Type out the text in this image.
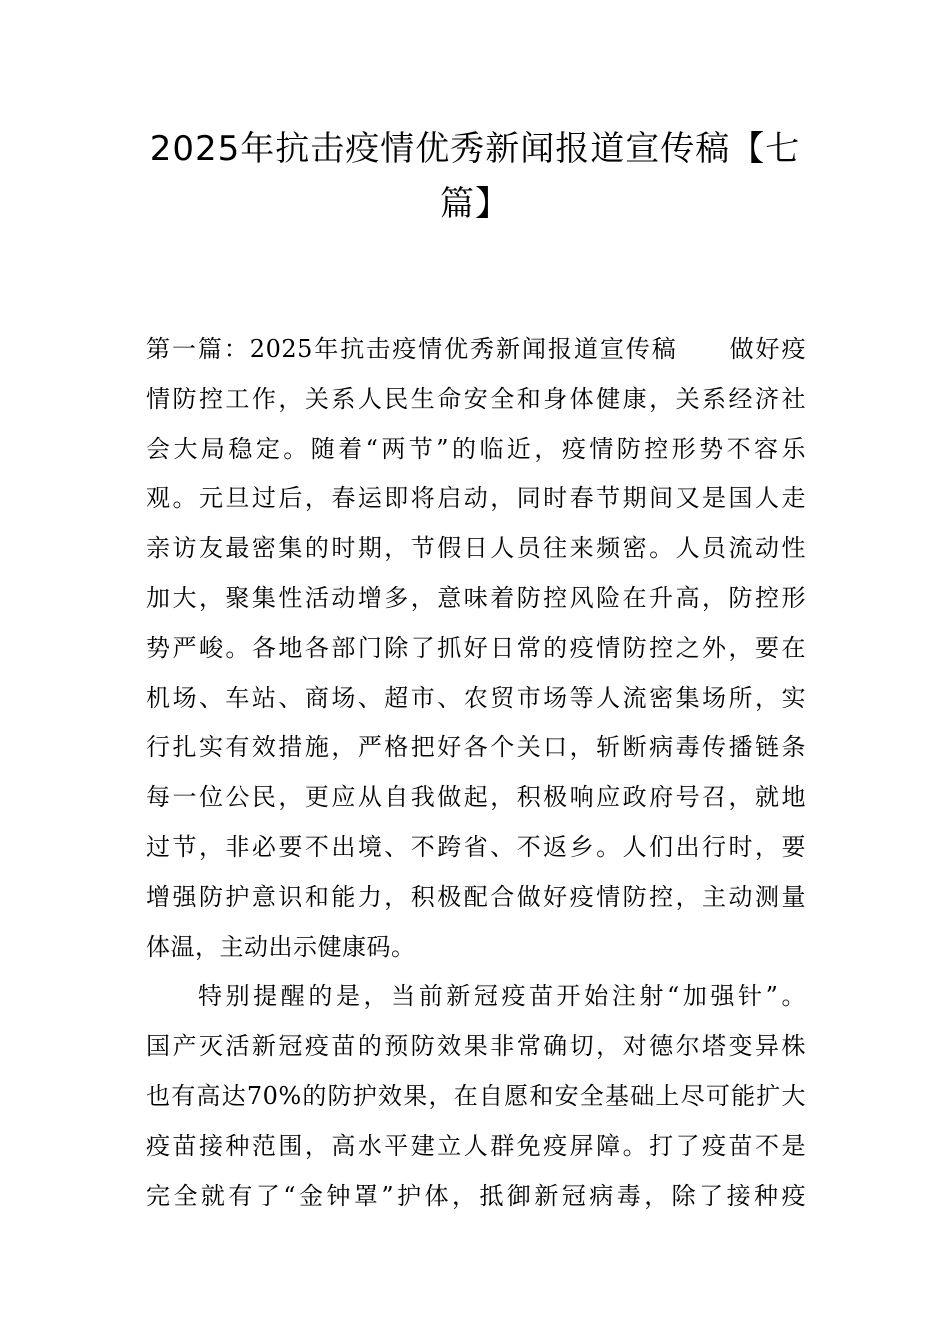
2025年抗击疫情优秀新闻报道宣传稿【七
篇】
第一篇：2025年抗击疫情优秀新闻报道宣传稿　　做好疫
情防控工作，关系人民生命安全和身体健康，关系经济社
会大局稳定。随着“两节”的临近，疫情防控形势不容乐
观。元旦过后，春运即将启动，同时春节期间又是国人走
亲访友最密集的时期，节假日人员往来频密。人员流动性
加大，聚集性活动增多，意味着防控风险在升高，防控形
势严峻。各地各部门除了抓好日常的疫情防控之外，要在
机场、车站、商场、超市、农贸市场等人流密集场所，实
行扎实有效措施，严格把好各个关口，斩断病毒传播链条
每一位公民，更应从自我做起，积极响应政府号召，就地
过节，非必要不出境、不跨省、不返乡。人们出行时，要
增强防护意识和能力，积极配合做好疫情防控，主动测量
体温，主动出示健康码。
特别提醒的是，当前新冠疫苗开始注射“加强针”。
国产灭活新冠疫苗的预防效果非常确切，对德尔塔变异株
也有高达70%的防护效果，在自愿和安全基础上尽可能扩大
疫苗接种范围，高水平建立人群免疫屏障。打了疫苗不是
完全就有了“金钟罩”护体，抵御新冠病毒，除了接种疫
